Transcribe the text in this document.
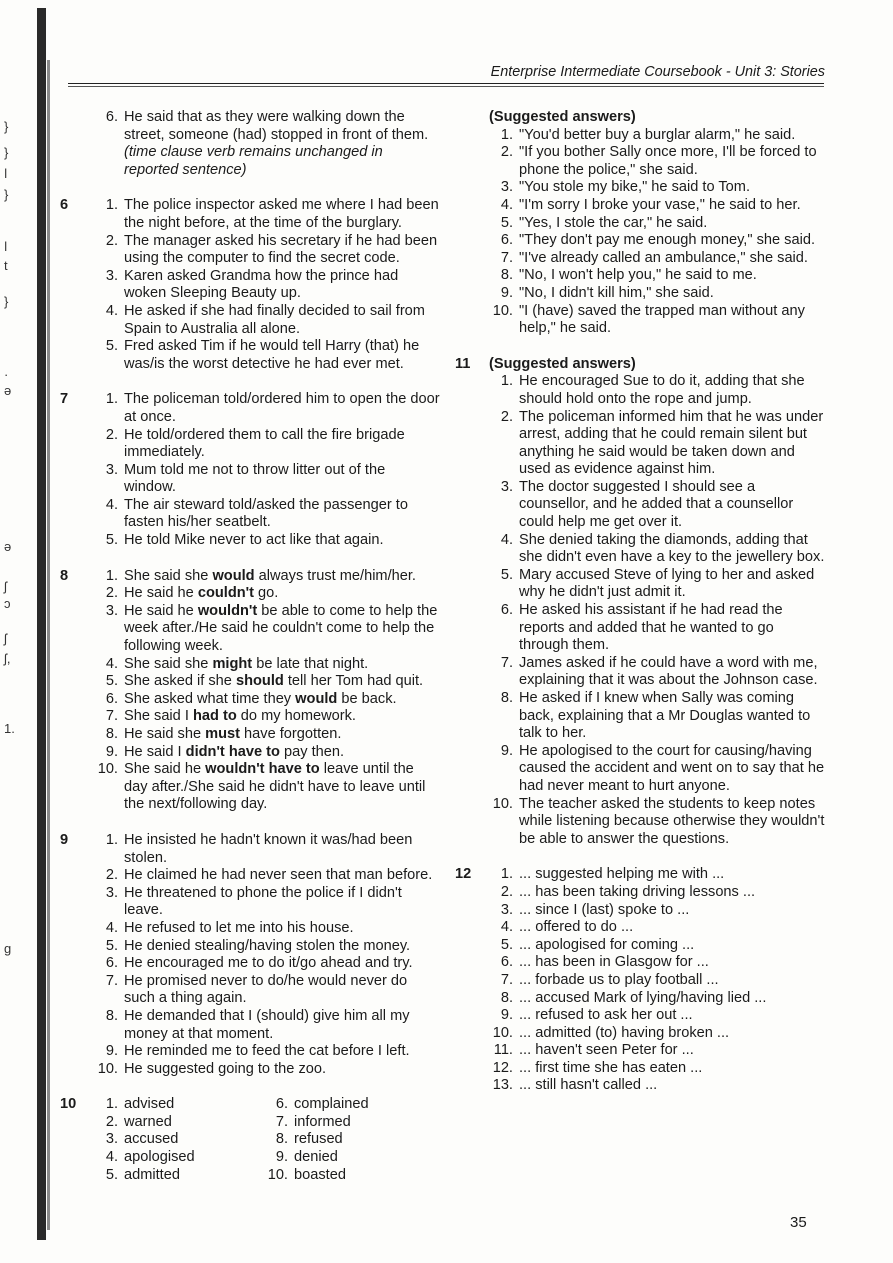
}
}
ǀ
}
ǀ
t
}
·
ə
ə
ʃ
ɔ
ʃ
ʃ,
1.
g
Enterprise Intermediate Coursebook - Unit 3: Stories
6. He said that as they were walking down the street, someone (had) stopped in front of them.
(time clause verb remains unchanged in reported sentence)
6	1. The police inspector asked me where I had been the night before, at the time of the burglary.
2. The manager asked his secretary if he had been using the computer to find the secret code.
3. Karen asked Grandma how the prince had woken Sleeping Beauty up.
4. He asked if she had finally decided to sail from Spain to Australia all alone.
5. Fred asked Tim if he would tell Harry (that) he was/is the worst detective he had ever met.
7	1. The policeman told/ordered him to open the door at once.
2. He told/ordered them to call the fire brigade immediately.
3. Mum told me not to throw litter out of the window.
4. The air steward told/asked the passenger to fasten his/her seatbelt.
5. He told Mike never to act like that again.
8	1. She said she would always trust me/him/her.
2. He said he couldn't go.
3. He said he wouldn't be able to come to help the week after./He said he couldn't come to help the following week.
4. She said she might be late that night.
5. She asked if she should tell her Tom had quit.
6. She asked what time they would be back.
7. She said I had to do my homework.
8. He said she must have forgotten.
9. He said I didn't have to pay then.
10. She said he wouldn't have to leave until the day after./She said he didn't have to leave until the next/following day.
9	1. He insisted he hadn't known it was/had been stolen.
2. He claimed he had never seen that man before.
3. He threatened to phone the police if I didn't leave.
4. He refused to let me into his house.
5. He denied stealing/having stolen the money.
6. He encouraged me to do it/go ahead and try.
7. He promised never to do/he would never do such a thing again.
8. He demanded that I (should) give him all my money at that moment.
9. He reminded me to feed the cat before I left.
10. He suggested going to the zoo.
10	1. advised	6. complained
2. warned	7. informed
3. accused	8. refused
4. apologised	9. denied
5. admitted	10. boasted
(Suggested answers)
1. "You'd better buy a burglar alarm," he said.
2. "If you bother Sally once more, I'll be forced to phone the police," she said.
3. "You stole my bike," he said to Tom.
4. "I'm sorry I broke your vase," he said to her.
5. "Yes, I stole the car," he said.
6. "They don't pay me enough money," she said.
7. "I've already called an ambulance," she said.
8. "No, I won't help you," he said to me.
9. "No, I didn't kill him," she said.
10. "I (have) saved the trapped man without any help," he said.
11	(Suggested answers)
1. He encouraged Sue to do it, adding that she should hold onto the rope and jump.
2. The policeman informed him that he was under arrest, adding that he could remain silent but anything he said would be taken down and used as evidence against him.
3. The doctor suggested I should see a counsellor, and he added that a counsellor could help me get over it.
4. She denied taking the diamonds, adding that she didn't even have a key to the jewellery box.
5. Mary accused Steve of lying to her and asked why he didn't just admit it.
6. He asked his assistant if he had read the reports and added that he wanted to go through them.
7. James asked if he could have a word with me, explaining that it was about the Johnson case.
8. He asked if I knew when Sally was coming back, explaining that a Mr Douglas wanted to talk to her.
9. He apologised to the court for causing/having caused the accident and went on to say that he had never meant to hurt anyone.
10. The teacher asked the students to keep notes while listening because otherwise they wouldn't be able to answer the questions.
12	1. ... suggested helping me with ...
2. ... has been taking driving lessons ...
3. ... since I (last) spoke to ...
4. ... offered to do ...
5. ... apologised for coming ...
6. ... has been in Glasgow for ...
7. ... forbade us to play football ...
8. ... accused Mark of lying/having lied ...
9. ... refused to ask her out ...
10. ... admitted (to) having broken ...
11. ... haven't seen Peter for ...
12. ... first time she has eaten ...
13. ... still hasn't called ...
35
